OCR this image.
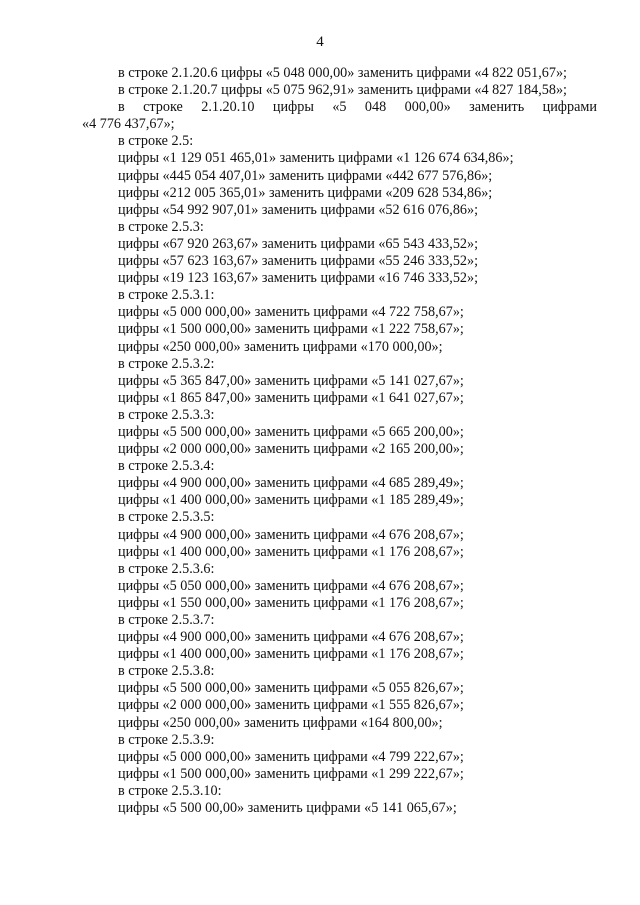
4
в строке 2.1.20.6 цифры «5 048 000,00» заменить цифрами «4 822 051,67»;
в строке 2.1.20.7 цифры «5 075 962,91» заменить цифрами «4 827 184,58»;
в строке 2.1.20.10 цифры «5 048 000,00» заменить цифрами
«4 776 437,67»;
в строке 2.5:
цифры «1 129 051 465,01» заменить цифрами «1 126 674 634,86»;
цифры «445 054 407,01» заменить цифрами «442 677 576,86»;
цифры «212 005 365,01» заменить цифрами «209 628 534,86»;
цифры «54 992 907,01» заменить цифрами «52 616 076,86»;
в строке 2.5.3:
цифры «67 920 263,67» заменить цифрами «65 543 433,52»;
цифры «57 623 163,67» заменить цифрами «55 246 333,52»;
цифры «19 123 163,67» заменить цифрами «16 746 333,52»;
в строке 2.5.3.1:
цифры «5 000 000,00» заменить цифрами «4 722 758,67»;
цифры «1 500 000,00» заменить цифрами «1 222 758,67»;
цифры «250 000,00» заменить цифрами «170 000,00»;
в строке 2.5.3.2:
цифры «5 365 847,00» заменить цифрами «5 141 027,67»;
цифры «1 865 847,00» заменить цифрами «1 641 027,67»;
в строке 2.5.3.3:
цифры «5 500 000,00» заменить цифрами «5 665 200,00»;
цифры «2 000 000,00» заменить цифрами «2 165 200,00»;
в строке 2.5.3.4:
цифры «4 900 000,00» заменить цифрами «4 685 289,49»;
цифры «1 400 000,00» заменить цифрами «1 185 289,49»;
в строке 2.5.3.5:
цифры «4 900 000,00» заменить цифрами «4 676 208,67»;
цифры «1 400 000,00» заменить цифрами «1 176 208,67»;
в строке 2.5.3.6:
цифры «5 050 000,00» заменить цифрами «4 676 208,67»;
цифры «1 550 000,00» заменить цифрами «1 176 208,67»;
в строке 2.5.3.7:
цифры «4 900 000,00» заменить цифрами «4 676 208,67»;
цифры «1 400 000,00» заменить цифрами «1 176 208,67»;
в строке 2.5.3.8:
цифры «5 500 000,00» заменить цифрами «5 055 826,67»;
цифры «2 000 000,00» заменить цифрами «1 555 826,67»;
цифры «250 000,00» заменить цифрами «164 800,00»;
в строке 2.5.3.9:
цифры «5 000 000,00» заменить цифрами «4 799 222,67»;
цифры «1 500 000,00» заменить цифрами «1 299 222,67»;
в строке 2.5.3.10:
цифры «5 500 00,00» заменить цифрами «5 141 065,67»;
